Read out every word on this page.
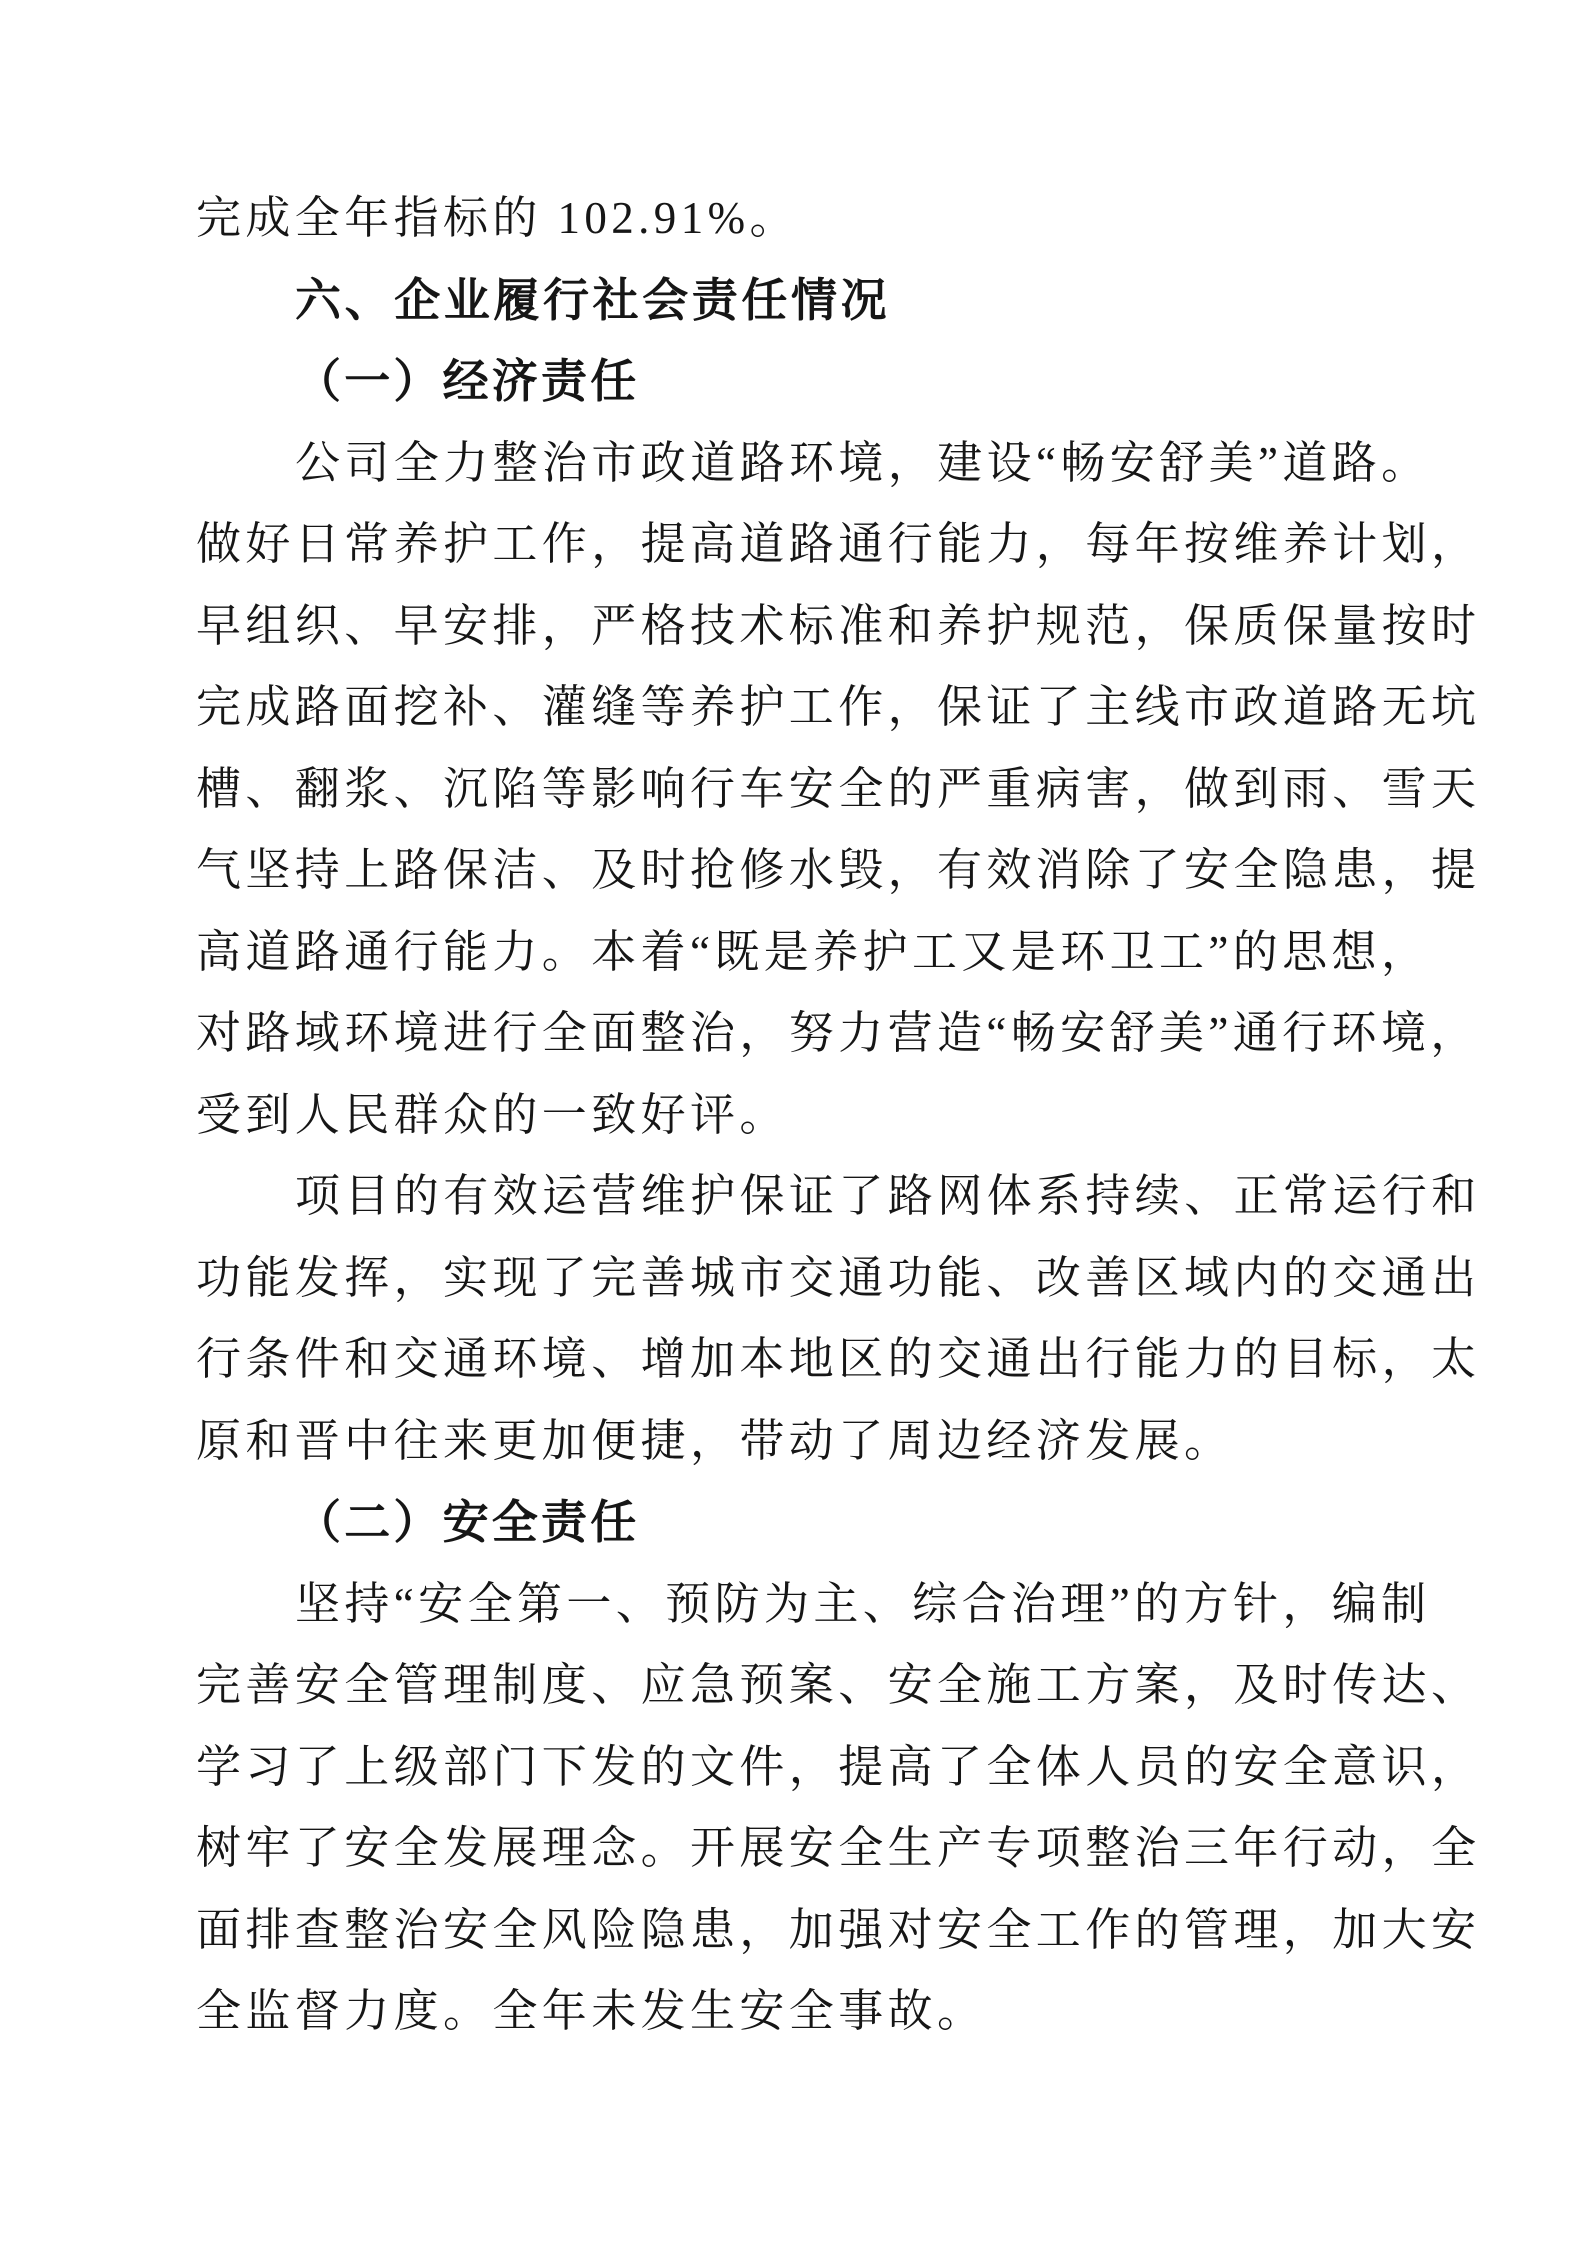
完成全年指标的 102.91%。
六、企业履行社会责任情况
（一）经济责任
公司全力整治市政道路环境，建设“畅安舒美”道路。
做好日常养护工作，提高道路通行能力，每年按维养计划，
早组织、早安排，严格技术标准和养护规范，保质保量按时
完成路面挖补、灌缝等养护工作，保证了主线市政道路无坑
槽、翻浆、沉陷等影响行车安全的严重病害，做到雨、雪天
气坚持上路保洁、及时抢修水毁，有效消除了安全隐患，提
高道路通行能力。本着“既是养护工又是环卫工”的思想，
对路域环境进行全面整治，努力营造“畅安舒美”通行环境，
受到人民群众的一致好评。
项目的有效运营维护保证了路网体系持续、正常运行和
功能发挥，实现了完善城市交通功能、改善区域内的交通出
行条件和交通环境、增加本地区的交通出行能力的目标，太
原和晋中往来更加便捷，带动了周边经济发展。
（二）安全责任
坚持“安全第一、预防为主、综合治理”的方针，编制
完善安全管理制度、应急预案、安全施工方案，及时传达、
学习了上级部门下发的文件，提高了全体人员的安全意识，
树牢了安全发展理念。开展安全生产专项整治三年行动，全
面排查整治安全风险隐患，加强对安全工作的管理，加大安
全监督力度。全年未发生安全事故。
